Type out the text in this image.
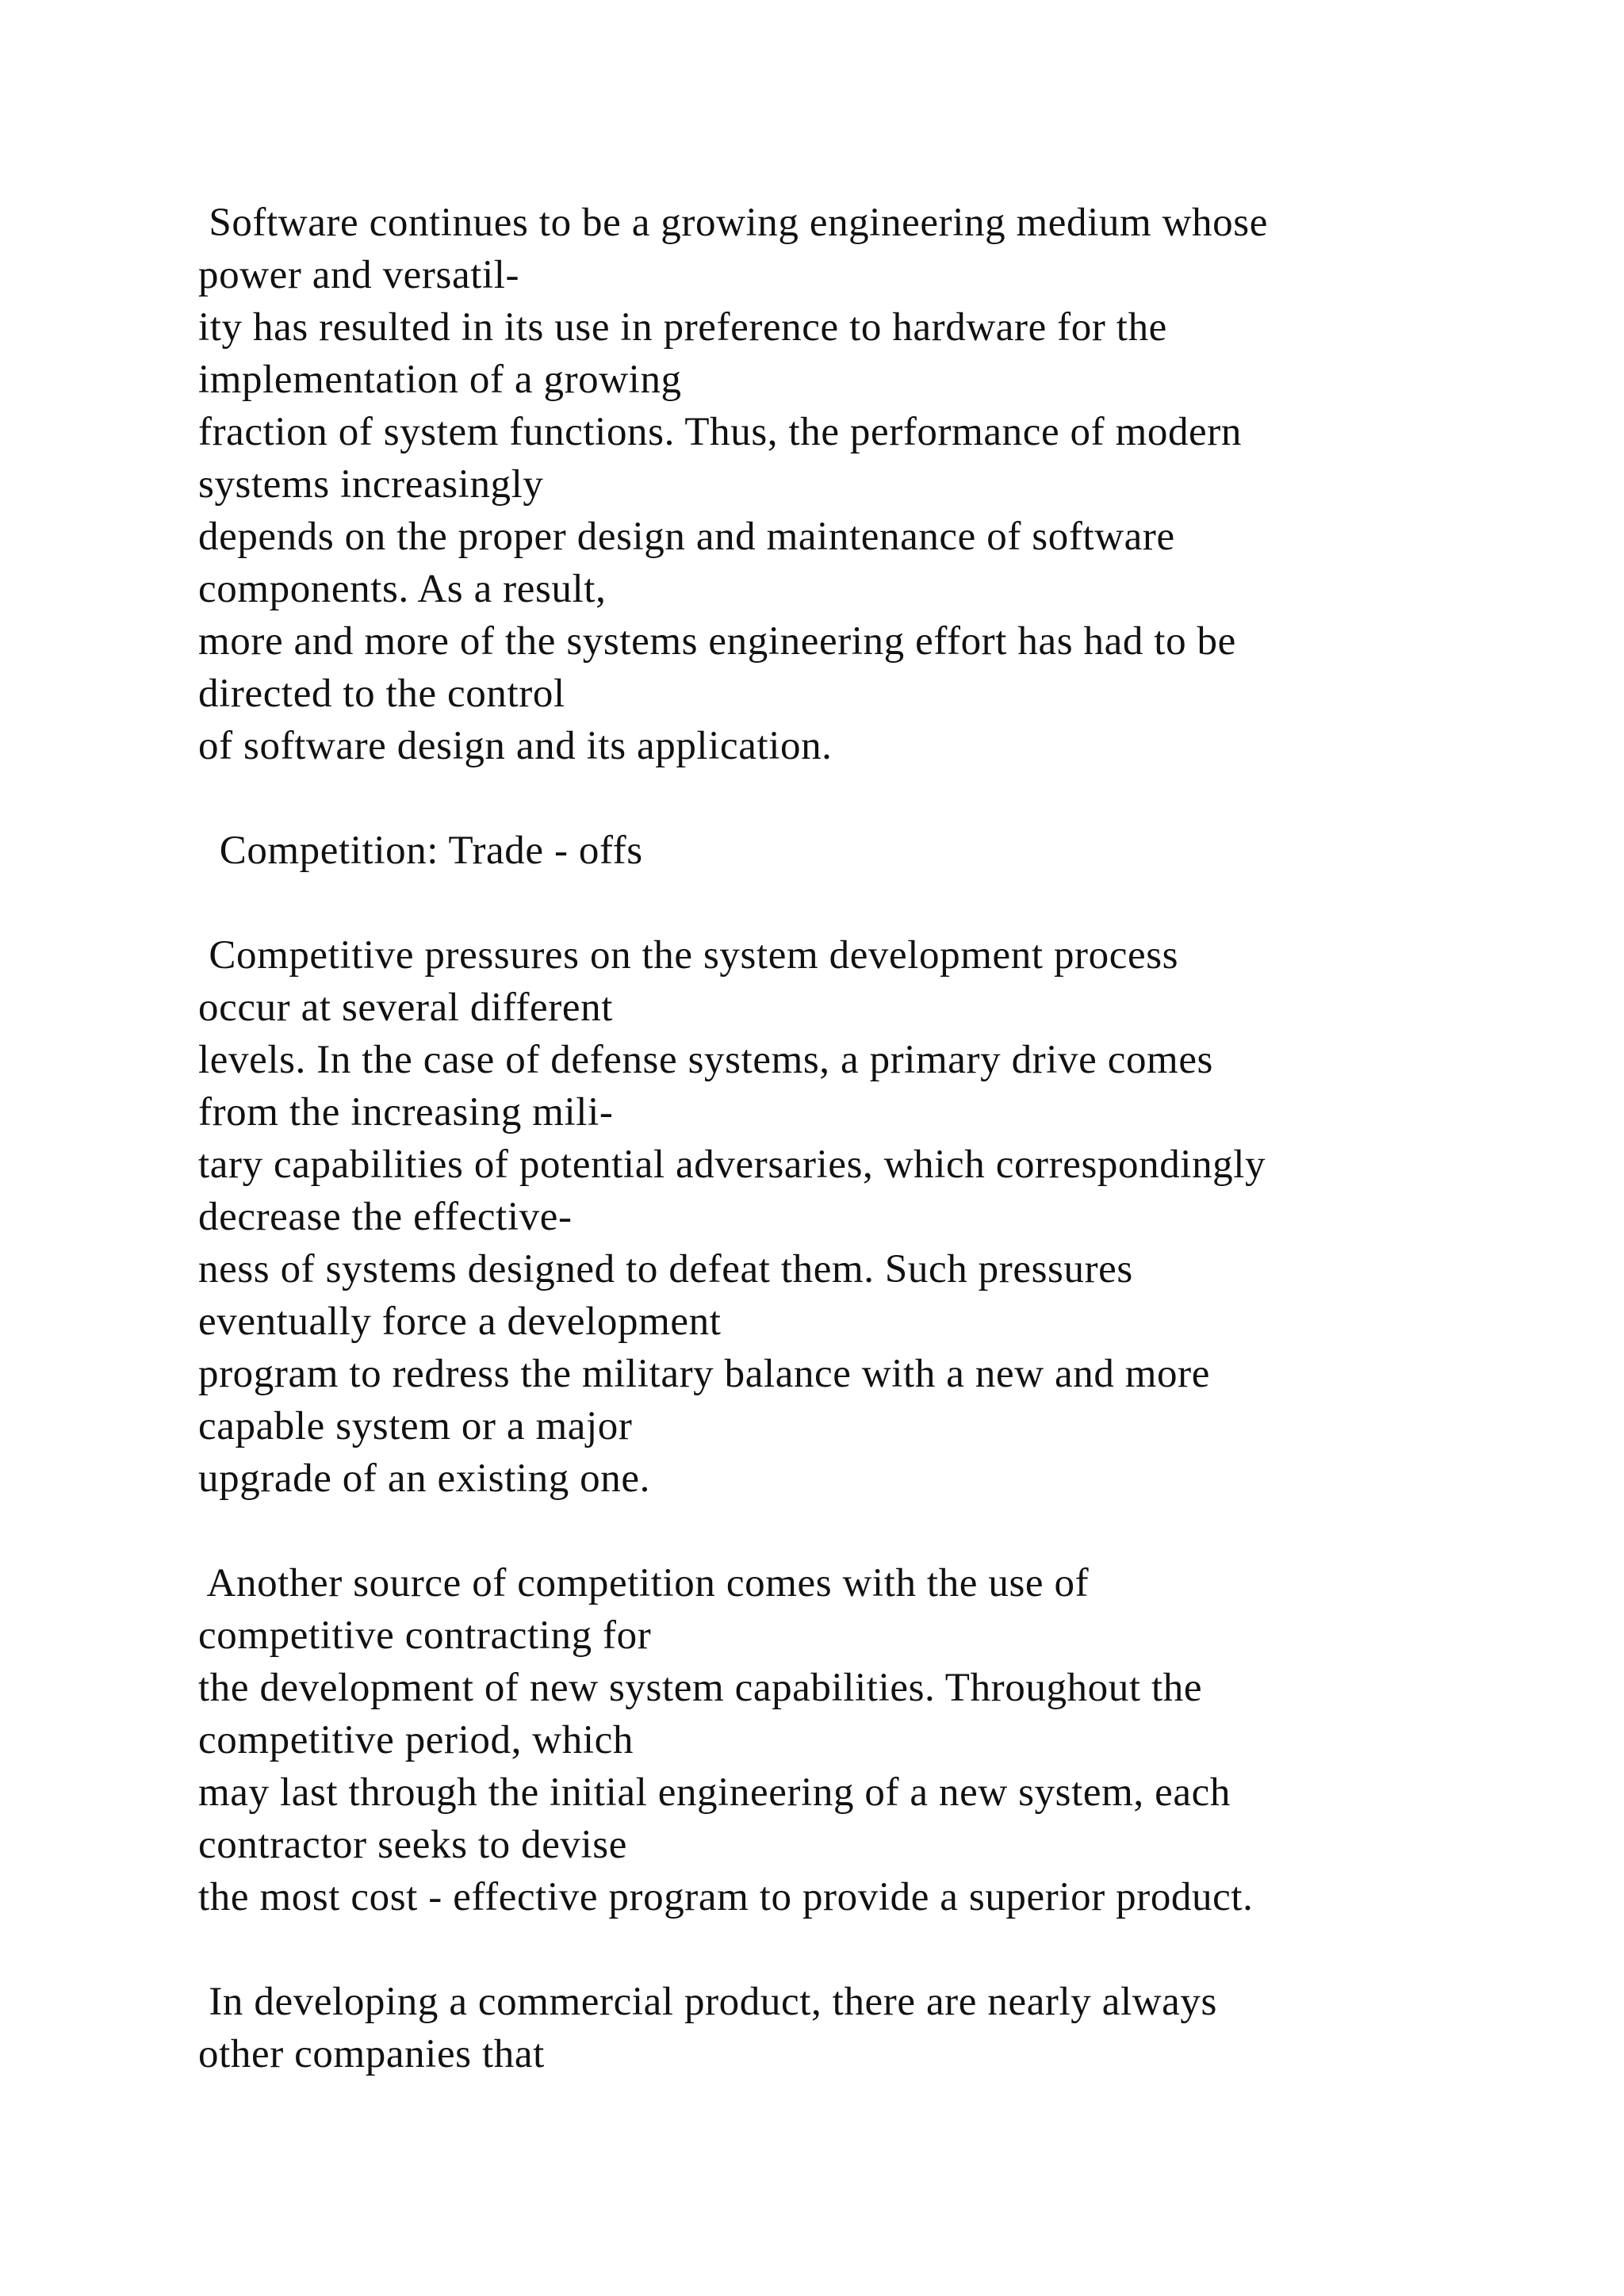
Software continues to be a growing engineering medium whose
power and versatil-
ity has resulted in its use in preference to hardware for the
implementation of a growing
fraction of system functions. Thus, the performance of modern
systems increasingly
depends on the proper design and maintenance of software
components. As a result,
more and more of the systems engineering effort has had to be
directed to the control
of software design and its application.
Competition: Trade - offs
Competitive pressures on the system development process
occur at several different
levels. In the case of defense systems, a primary drive comes
from the increasing mili-
tary capabilities of potential adversaries, which correspondingly
decrease the effective-
ness of systems designed to defeat them. Such pressures
eventually force a development
program to redress the military balance with a new and more
capable system or a major
upgrade of an existing one.
Another source of competition comes with the use of
competitive contracting for
the development of new system capabilities. Throughout the
competitive period, which
may last through the initial engineering of a new system, each
contractor seeks to devise
the most cost - effective program to provide a superior product.
In developing a commercial product, there are nearly always
other companies that
